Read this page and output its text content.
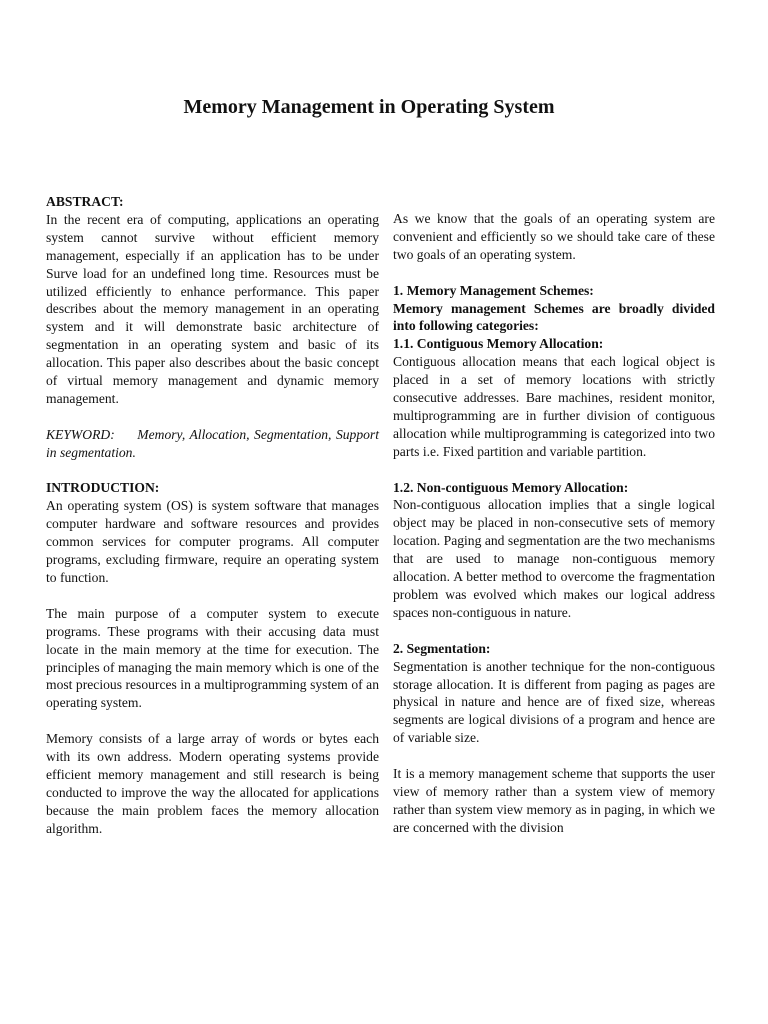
Memory Management in Operating System
ABSTRACT:

In the recent era of computing, applications an operating system cannot survive without efficient memory management, especially if an application has to be under Surve load for an undefined long time. Resources must be utilized efficiently to enhance performance. This paper describes about the memory management in an operating system and it will demonstrate basic architecture of segmentation in an operating system and basic of its allocation. This paper also describes about the basic concept of virtual memory management and dynamic memory management.

KEYWORD: Memory, Allocation, Segmentation, Support in segmentation.

INTRODUCTION:

An operating system (OS) is system software that manages computer hardware and software resources and provides common services for computer programs. All computer programs, excluding firmware, require an operating system to function.

The main purpose of a computer system to execute programs. These programs with their accusing data must locate in the main memory at the time for execution. The principles of managing the main memory which is one of the most precious resources in a multiprogramming system of an operating system.

Memory consists of a large array of words or bytes each with its own address. Modern operating systems provide efficient memory management and still research is being conducted to improve the way the allocated for applications because the main problem faces the memory allocation algorithm.

As we know that the goals of an operating system are convenient and efficiently so we should take care of these two goals of an operating system.

1. Memory Management Schemes:

Memory management Schemes are broadly divided into following categories:

1.1. Contiguous Memory Allocation:

Contiguous allocation means that each logical object is placed in a set of memory locations with strictly consecutive addresses. Bare machines, resident monitor, multiprogramming are in further division of contiguous allocation while multiprogramming is categorized into two parts i.e. Fixed partition and variable partition.

1.2. Non-contiguous Memory Allocation:

Non-contiguous allocation implies that a single logical object may be placed in non-consecutive sets of memory location. Paging and segmentation are the two mechanisms that are used to manage non-contiguous memory allocation. A better method to overcome the fragmentation problem was evolved which makes our logical address spaces non-contiguous in nature.

2. Segmentation:

Segmentation is another technique for the non-contiguous storage allocation. It is different from paging as pages are physical in nature and hence are of fixed size, whereas segments are logical divisions of a program and hence are of variable size.

It is a memory management scheme that supports the user view of memory rather than a system view of memory rather than system view memory as in paging, in which we are concerned with the division
